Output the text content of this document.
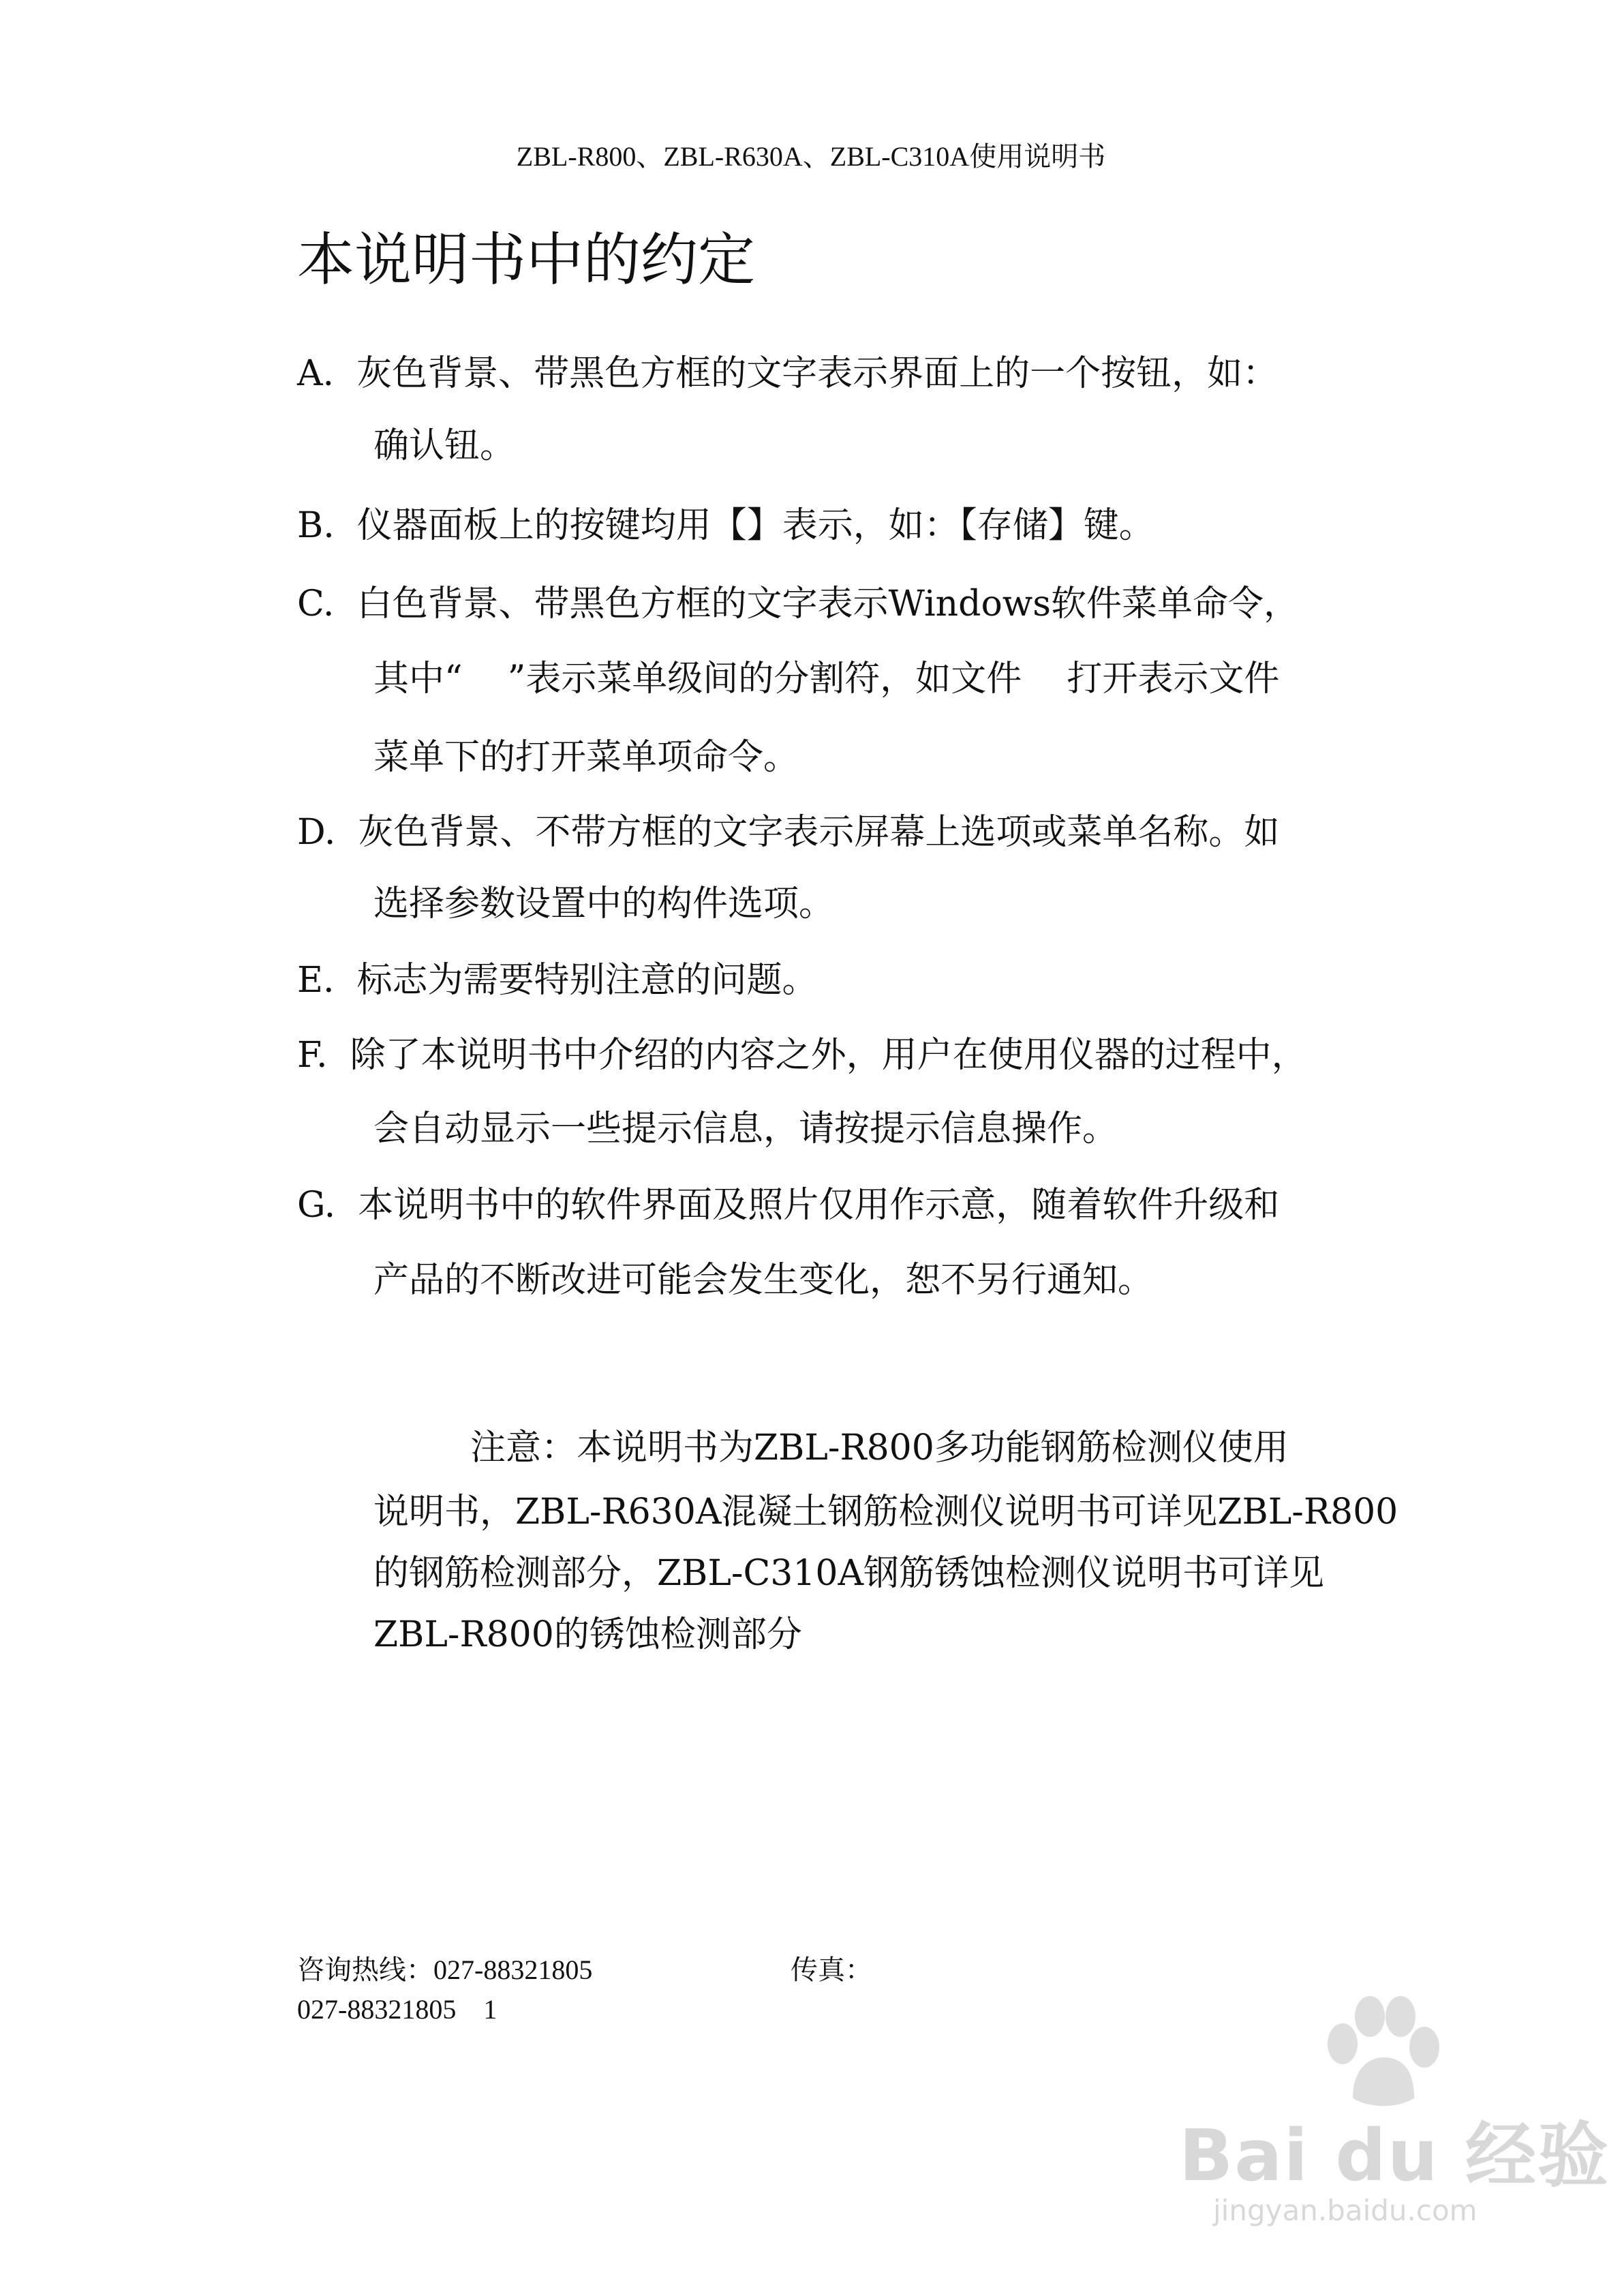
ZBL-R800、ZBL-R630A、ZBL-C310A使用说明书
本说明书中的约定
A.  灰色背景、带黑色方框的文字表示界面上的一个按钮，如：
确认钮。
B.  仪器面板上的按键均用【】表示，如：【存储】键。
C.  白色背景、带黑色方框的文字表示Windows软件菜单命令，
其中“    ”表示菜单级间的分割符，如文件    打开表示文件
菜单下的打开菜单项命令。
D.  灰色背景、不带方框的文字表示屏幕上选项或菜单名称。如
选择参数设置中的构件选项。
E.  标志为需要特别注意的问题。
F.  除了本说明书中介绍的内容之外，用户在使用仪器的过程中，
会自动显示一些提示信息，请按提示信息操作。
G.  本说明书中的软件界面及照片仅用作示意，随着软件升级和
产品的不断改进可能会发生变化，恕不另行通知。
注意：本说明书为ZBL-R800多功能钢筋检测仪使用
说明书，ZBL-R630A混凝土钢筋检测仪说明书可详见ZBL-R800
的钢筋检测部分，ZBL-C310A钢筋锈蚀检测仪说明书可详见
ZBL-R800的锈蚀检测部分
咨询热线：027-88321805	传真：
027-88321805    1
Bai du 经验
jingyan.baidu.com
